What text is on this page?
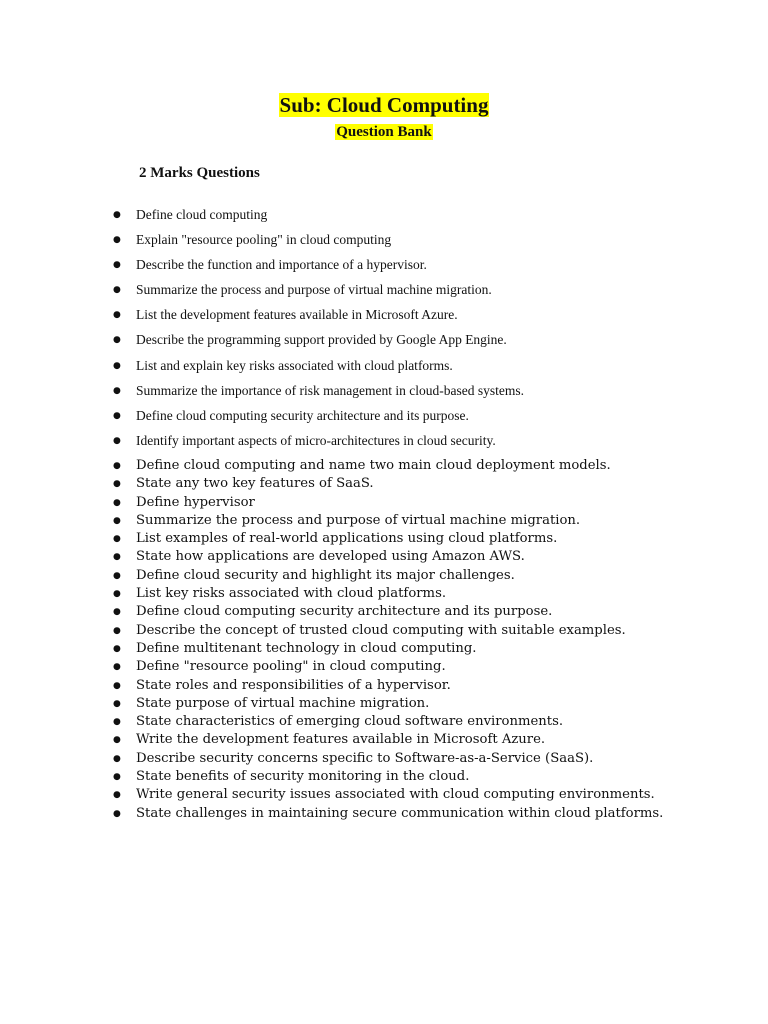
Sub: Cloud Computing
Question Bank
2 Marks Questions
● Define cloud computing
● Explain "resource pooling" in cloud computing
● Describe the function and importance of a hypervisor.
● Summarize the process and purpose of virtual machine migration.
● List the development features available in Microsoft Azure.
● Describe the programming support provided by Google App Engine.
● List and explain key risks associated with cloud platforms.
● Summarize the importance of risk management in cloud-based systems.
● Define cloud computing security architecture and its purpose.
● Identify important aspects of micro-architectures in cloud security.
● Define cloud computing and name two main cloud deployment models.
● State any two key features of SaaS.
● Define hypervisor
● Summarize the process and purpose of virtual machine migration.
● List examples of real-world applications using cloud platforms.
● State how applications are developed using Amazon AWS.
● Define cloud security and highlight its major challenges.
● List key risks associated with cloud platforms.
● Define cloud computing security architecture and its purpose.
● Describe the concept of trusted cloud computing with suitable examples.
● Define multitenant technology in cloud computing.
● Define "resource pooling" in cloud computing.
● State roles and responsibilities of a hypervisor.
● State purpose of virtual machine migration.
● State characteristics of emerging cloud software environments.
● Write the development features available in Microsoft Azure.
● Describe security concerns specific to Software-as-a-Service (SaaS).
● State benefits of security monitoring in the cloud.
● Write general security issues associated with cloud computing environments.
● State challenges in maintaining secure communication within cloud platforms.
